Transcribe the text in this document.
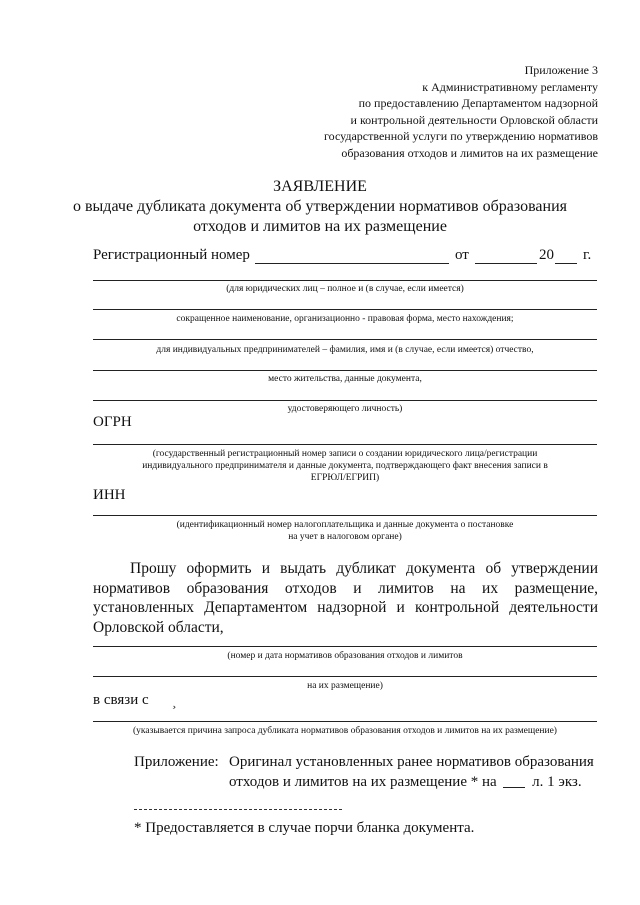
Приложение 3
к Административному регламенту
по предоставлению Департаментом надзорной
и контрольной деятельности Орловской области
государственной услуги по утверждению нормативов
образования отходов и лимитов на их размещение
ЗАЯВЛЕНИЕ
о выдаче дубликата документа об утверждении нормативов образования
отходов и лимитов на их размещение
Регистрационный номер	от	20 г.
(для юридических лиц – полное и (в случае, если имеется)
сокращенное наименование, организационно - правовая форма, место нахождения;
для индивидуальных предпринимателей – фамилия, имя и (в случае, если имеется) отчество,
место жительства, данные документа,
удостоверяющего личность)
ОГРН
(государственный регистрационный номер записи о создании юридического лица/регистрации
индивидуального предпринимателя и данные документа, подтверждающего факт внесения записи в
ЕГРЮЛ/ЕГРИП)
ИНН
(идентификационный номер налогоплательщика и данные документа о постановке
на учет в налоговом органе)

Прошу оформить и выдать дубликат документа об утверждении нормативов образования отходов и лимитов на их размещение, установленных Департаментом надзорной и контрольной деятельности Орловской области,

(номер и дата нормативов образования отходов и лимитов
на их размещение)
в связи с ¸
(указывается причина запроса дубликата нормативов образования отходов и лимитов на их размещение)
Приложение: Оригинал установленных ранее нормативов образования
отходов и лимитов на их размещение * на л. 1 экз.
* Предоставляется в случае порчи бланка документа.
